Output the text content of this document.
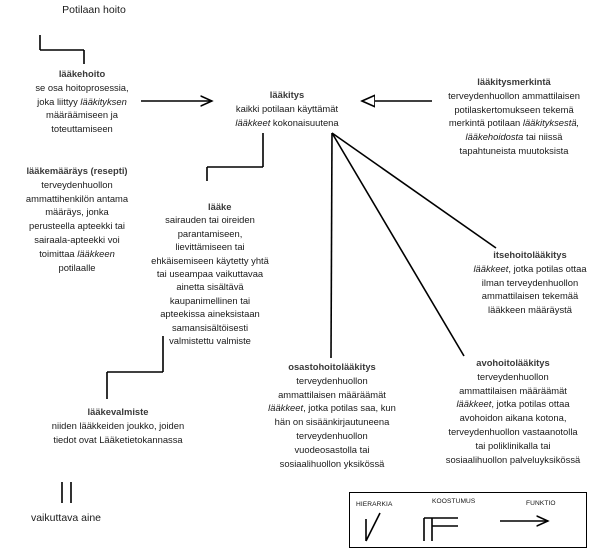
Potilaan hoito
lääkehoito
se osa hoitoprosessia,
joka liittyy lääkityksen
määräämiseen ja
toteuttamiseen
lääkitys
kaikki potilaan käyttämät
lääkkeet kokonaisuutena
lääkitysmerkintä
terveydenhuollon ammattilaisen
potilaskertomukseen tekemä
merkintä potilaan lääkityksestä,
lääkehoidosta tai niissä
tapahtuneista muutoksista
lääkemääräys (resepti)
terveydenhuollon
ammattihenkilön antama
määräys, jonka
perusteella apteekki tai
sairaala-apteekki voi
toimittaa lääkkeen
potilaalle
lääke
sairauden tai oireiden
parantamiseen,
lievittämiseen tai
ehkäisemiseen käytetty yhtä
tai useampaa vaikuttavaa
ainetta sisältävä
kaupanimellinen tai
apteekissa aineksistaan
samansisältöisesti
valmistettu valmiste
itsehoitolääkitys
lääkkeet, jotka potilas ottaa
ilman terveydenhuollon
ammattilaisen tekemää
lääkkeen määräystä
osastohoitolääkitys
terveydenhuollon
ammattilaisen määräämät
lääkkeet, jotka potilas saa, kun
hän on sisäänkirjautuneena
terveydenhuollon
vuodeosastolla tai
sosiaalihuollon yksikössä
avohoitolääkitys
terveydenhuollon
ammattilaisen määräämät
lääkkeet, jotka potilas ottaa
avohoidon aikana kotona,
terveydenhuollon vastaanotolla
tai poliklinikalla tai
sosiaalihuollon palveluyksikössä
lääkevalmiste
niiden lääkkeiden joukko, joiden
tiedot ovat Lääketietokannassa
vaikuttava aine
HIERARKIA	KOOSTUMUS	FUNKTIO
